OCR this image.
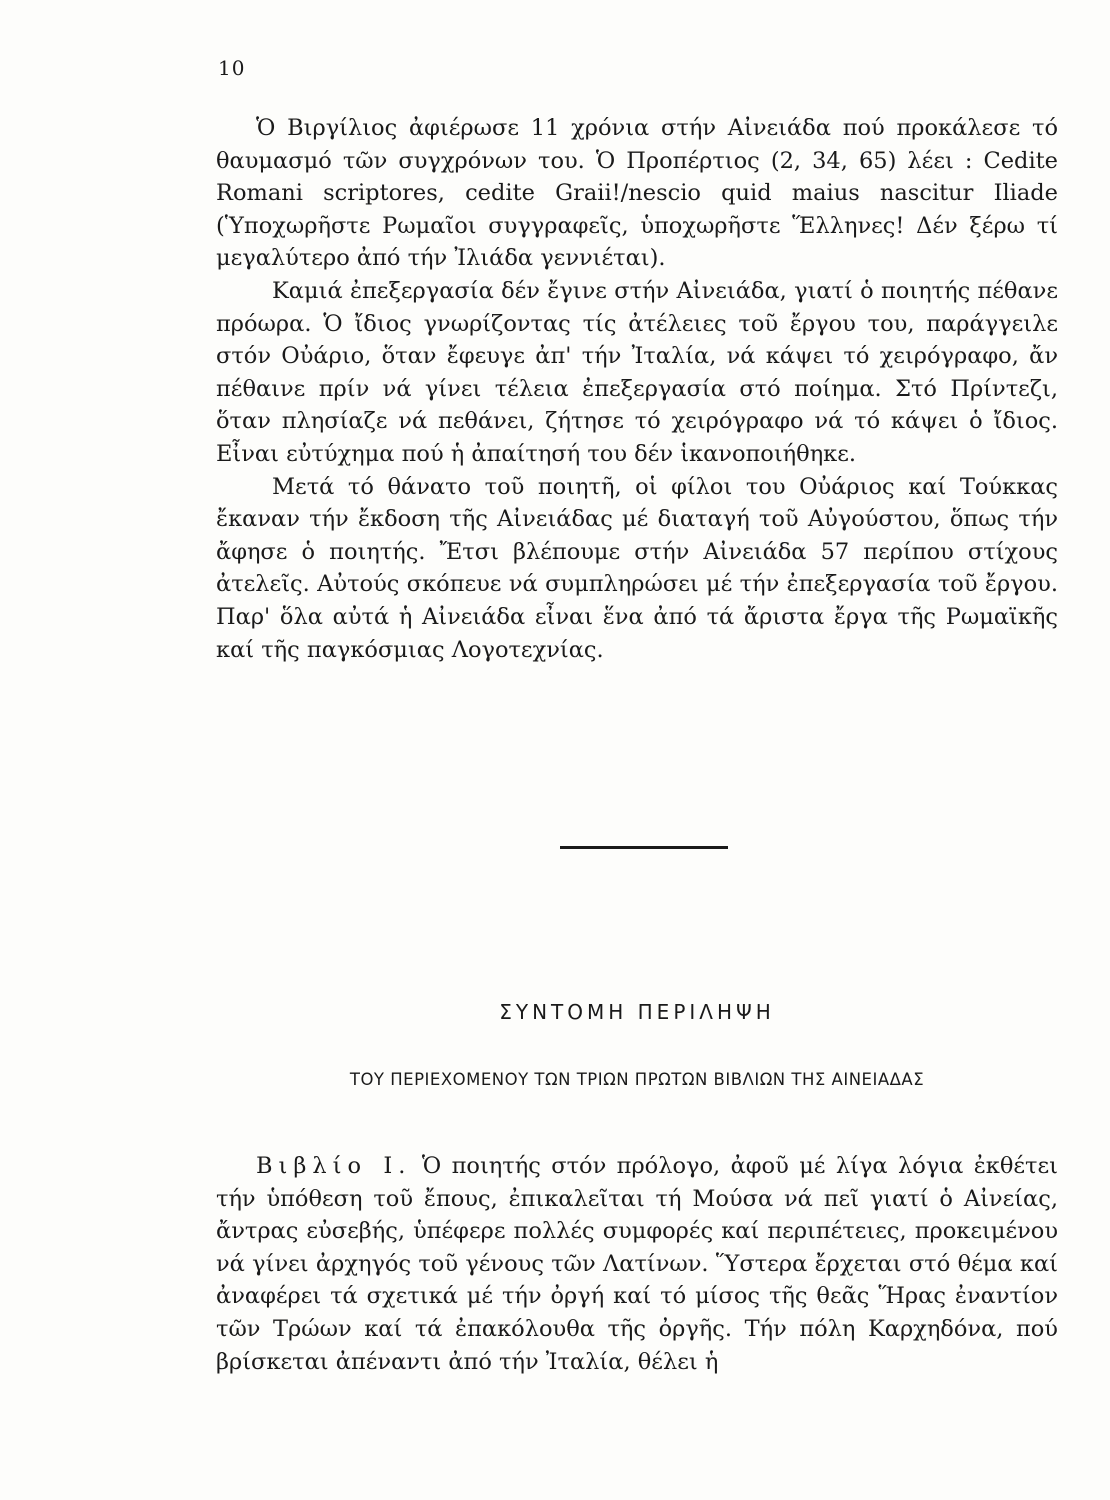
10

Ὁ Βιργίλιος ἀφιέρωσε 11 χρόνια στήν Αἰνειάδα πού προκάλεσε τό θαυμασμό τῶν συγχρόνων του. Ὁ Προπέρτιος (2, 34, 65) λέει : Cedite Romani scriptores, cedite Graii!/nescio quid maius nascitur Iliade (Ὑποχωρῆστε Ρωμαῖοι συγγραφεῖς, ὑποχωρῆστε Ἕλληνες! Δέν ξέρω τί μεγαλύτερο ἀπό τήν Ἰλιάδα γεννιέται).

Καμιά ἐπεξεργασία δέν ἔγινε στήν Αἰνειάδα, γιατί ὁ ποιητής πέθανε πρόωρα. Ὁ ἴδιος γνωρίζοντας τίς ἀτέλειες τοῦ ἔργου του, παράγγειλε στόν Οὐάριο, ὅταν ἔφευγε ἀπ' τήν Ἰταλία, νά κάψει τό χειρόγραφο, ἄν πέθαινε πρίν νά γίνει τέλεια ἐπεξεργασία στό ποίημα. Στό Πρίντεζι, ὅταν πλησίαζε νά πεθάνει, ζήτησε τό χειρόγραφο νά τό κάψει ὁ ἴδιος. Εἶναι εὐτύχημα πού ἡ ἀπαίτησή του δέν ἱκανοποιήθηκε.

Μετά τό θάνατο τοῦ ποιητῆ, οἱ φίλοι του Οὐάριος καί Τούκκας ἔκαναν τήν ἔκδοση τῆς Αἰνειάδας μέ διαταγή τοῦ Αὐγούστου, ὅπως τήν ἄφησε ὁ ποιητής. Ἔτσι βλέπουμε στήν Αἰνειάδα 57 περίπου στίχους ἀτελεῖς. Αὐτούς σκόπευε νά συμπληρώσει μέ τήν ἐπεξεργασία τοῦ ἔργου. Παρ' ὅλα αὐτά ἡ Αἰνειάδα εἶναι ἕνα ἀπό τά ἄριστα ἔργα τῆς Ρωμαϊκῆς καί τῆς παγκόσμιας Λογοτεχνίας.

ΣΥΝΤΟΜΗ ΠΕΡΙΛΗΨΗ
ΤΟΥ ΠΕΡΙΕΧΟΜΕΝΟΥ ΤΩΝ ΤΡΙΩΝ ΠΡΩΤΩΝ ΒΙΒΛΙΩΝ ΤΗΣ ΑΙΝΕΙΑΔΑΣ

Βιβλίο Ι. Ὁ ποιητής στόν πρόλογο, ἀφοῦ μέ λίγα λόγια ἐκθέτει τήν ὑπόθεση τοῦ ἔπους, ἐπικαλεῖται τή Μούσα νά πεῖ γιατί ὁ Αἰνείας, ἄντρας εὐσεβής, ὑπέφερε πολλές συμφορές καί περιπέτειες, προκειμένου νά γίνει ἀρχηγός τοῦ γένους τῶν Λατίνων. Ὕστερα ἔρχεται στό θέμα καί ἀναφέρει τά σχετικά μέ τήν ὀργή καί τό μίσος τῆς θεᾶς Ἥρας ἐναντίον τῶν Τρώων καί τά ἐπακόλουθα τῆς ὀργῆς. Τήν πόλη Καρχηδόνα, πού βρίσκεται ἀπέναντι ἀπό τήν Ἰταλία, θέλει ἡ
